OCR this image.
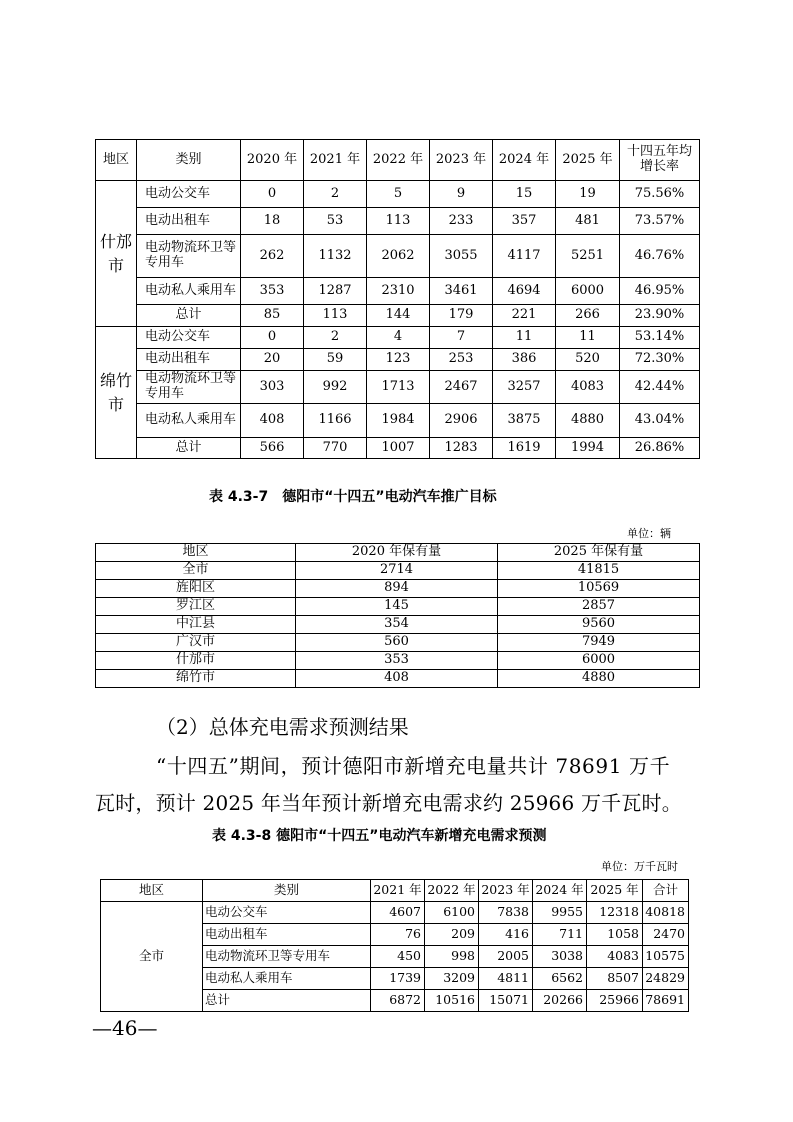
地区	类别	2020 年	2021 年	2022 年	2023 年	2024 年	2025 年	十四五年均增长率
什邡市	电动公交车	0	2	5	9	15	19	75.56%
	电动出租车	18	53	113	233	357	481	73.57%
	电动物流环卫等专用车	262	1132	2062	3055	4117	5251	46.76%
	电动私人乘用车	353	1287	2310	3461	4694	6000	46.95%
	总计	85	113	144	179	221	266	23.90%
绵竹市	电动公交车	0	2	4	7	11	11	53.14%
	电动出租车	20	59	123	253	386	520	72.30%
	电动物流环卫等专用车	303	992	1713	2467	3257	4083	42.44%
	电动私人乘用车	408	1166	1984	2906	3875	4880	43.04%
	总计	566	770	1007	1283	1619	1994	26.86%
表 4.3-7　德阳市“十四五”电动汽车推广目标
单位：辆
地区	2020 年保有量	2025 年保有量
全市	2714	41815
旌阳区	894	10569
罗江区	145	2857
中江县	354	9560
广汉市	560	7949
什邡市	353	6000
绵竹市	408	4880
（2）总体充电需求预测结果
“十四五”期间，预计德阳市新增充电量共计 78691 万千
瓦时，预计 2025 年当年预计新增充电需求约 25966 万千瓦时。
表 4.3-8 德阳市“十四五”电动汽车新增充电需求预测
单位：万千瓦时
地区	类别	2021 年	2022 年	2023 年	2024 年	2025 年	合计
全市	电动公交车	4607	6100	7838	9955	12318	40818
	电动出租车	76	209	416	711	1058	2470
	电动物流环卫等专用车	450	998	2005	3038	4083	10575
	电动私人乘用车	1739	3209	4811	6562	8507	24829
	总计	6872	10516	15071	20266	25966	78691
—46—
